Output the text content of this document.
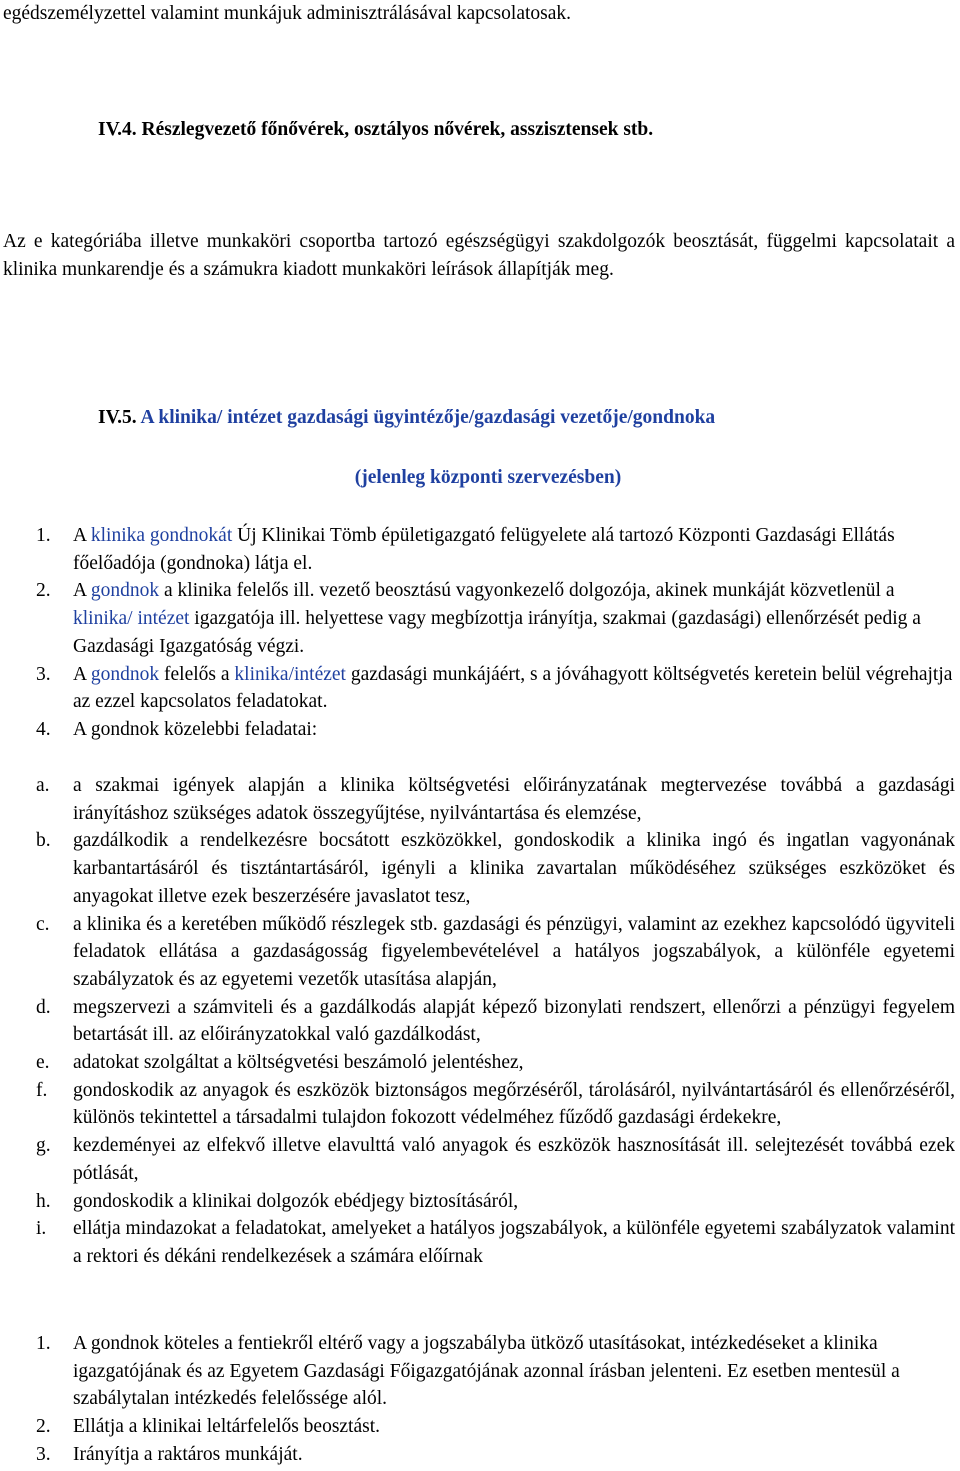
egédszemélyzettel valamint munkájuk adminisztrálásával kapcsolatosak.

IV.4. Részlegvezető főnővérek, osztályos nővérek, asszisztensek stb.

Az e kategóriába illetve munkaköri csoportba tartozó egészségügyi szakdolgozók beosztását, függelmi kapcsolatait a klinika munkarendje és a számukra kiadott munkaköri leírások állapítják meg.

IV.5. A klinika/ intézet gazdasági ügyintézője/gazdasági vezetője/gondnoka

(jelenleg központi szervezésben)

1. A klinika gondnokát Új Klinikai Tömb épületigazgató felügyelete alá tartozó Központi Gazdasági Ellátás főelőadója (gondnoka) látja el.
2. A gondnok a klinika felelős ill. vezető beosztású vagyonkezelő dolgozója, akinek munkáját közvetlenül a klinika/ intézet igazgatója ill. helyettese vagy megbízottja irányítja, szakmai (gazdasági) ellenőrzését pedig a Gazdasági Igazgatóság végzi.
3. A gondnok felelős a klinika/intézet gazdasági munkájáért, s a jóváhagyott költségvetés keretein belül végrehajtja az ezzel kapcsolatos feladatokat.
4. A gondnok közelebbi feladatai:
a. a szakmai igények alapján a klinika költségvetési előirányzatának megtervezése továbbá a gazdasági irányításhoz szükséges adatok összegyűjtése, nyilvántartása és elemzése,
b. gazdálkodik a rendelkezésre bocsátott eszközökkel, gondoskodik a klinika ingó és ingatlan vagyonának karbantartásáról és tisztántartásáról, igényli a klinika zavartalan működéséhez szükséges eszközöket és anyagokat illetve ezek beszerzésére javaslatot tesz,
c. a klinika és a keretében működő részlegek stb. gazdasági és pénzügyi, valamint az ezekhez kapcsolódó ügyviteli feladatok ellátása a gazdaságosság figyelembevételével a hatályos jogszabályok, a különféle egyetemi szabályzatok és az egyetemi vezetők utasítása alapján,
d. megszervezi a számviteli és a gazdálkodás alapját képező bizonylati rendszert, ellenőrzi a pénzügyi fegyelem betartását ill. az előirányzatokkal való gazdálkodást,
e. adatokat szolgáltat a költségvetési beszámoló jelentéshez,
f. gondoskodik az anyagok és eszközök biztonságos megőrzéséről, tárolásáról, nyilvántartásáról és ellenőrzéséről, különös tekintettel a társadalmi tulajdon fokozott védelméhez fűződő gazdasági érdekekre,
g. kezdeményei az elfekvő illetve elavulttá való anyagok és eszközök hasznosítását ill. selejtezését továbbá ezek pótlását,
h. gondoskodik a klinikai dolgozók ebédjegy biztosításáról,
i. ellátja mindazokat a feladatokat, amelyeket a hatályos jogszabályok, a különféle egyetemi szabályzatok valamint a rektori és dékáni rendelkezések a számára előírnak
1. A gondnok köteles a fentiekről eltérő vagy a jogszabályba ütköző utasításokat, intézkedéseket a klinika igazgatójának és az Egyetem Gazdasági Főigazgatójának azonnal írásban jelenteni. Ez esetben mentesül a szabálytalan intézkedés felelőssége alól.
2. Ellátja a klinikai leltárfelelős beosztást.
3. Irányítja a raktáros munkáját.
